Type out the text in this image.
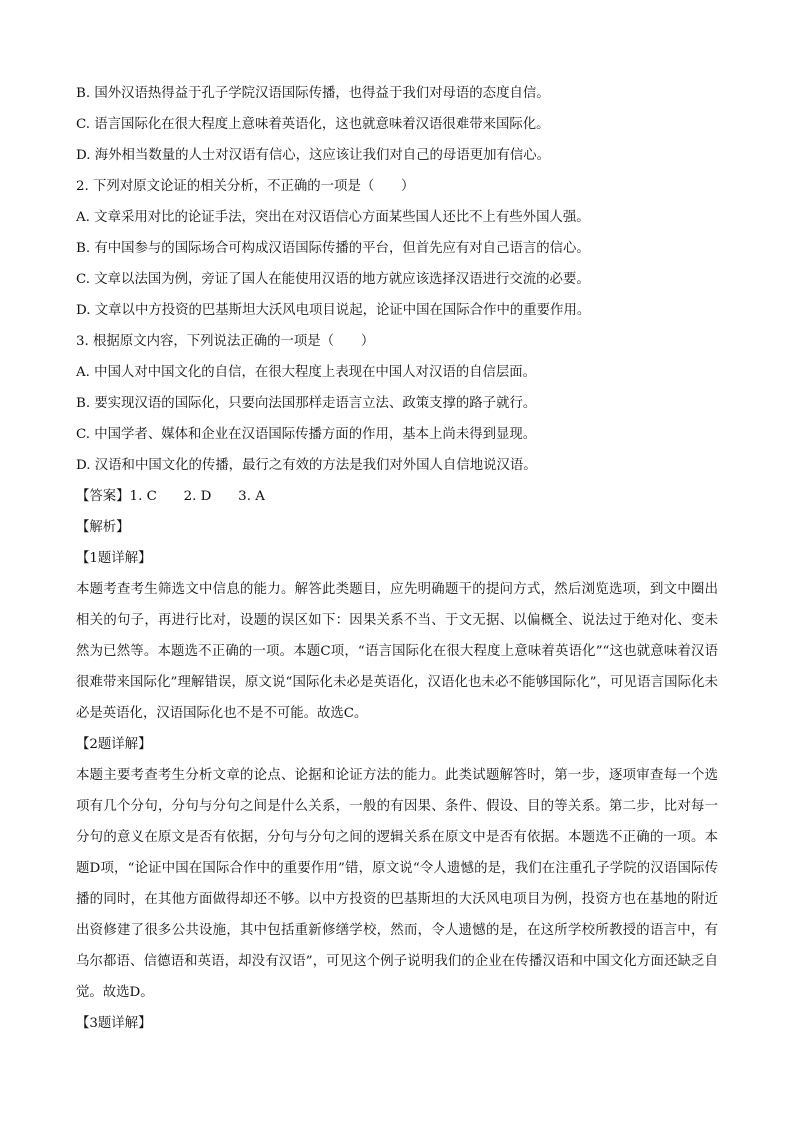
B. 国外汉语热得益于孔子学院汉语国际传播，也得益于我们对母语的态度自信。
C. 语言国际化在很大程度上意味着英语化，这也就意味着汉语很难带来国际化。
D. 海外相当数量的人士对汉语有信心，这应该让我们对自己的母语更加有信心。
2. 下列对原文论证的相关分析，不正确的一项是（　　）
A. 文章采用对比的论证手法，突出在对汉语信心方面某些国人还比不上有些外国人强。
B. 有中国参与的国际场合可构成汉语国际传播的平台，但首先应有对自己语言的信心。
C. 文章以法国为例，旁证了国人在能使用汉语的地方就应该选择汉语进行交流的必要。
D. 文章以中方投资的巴基斯坦大沃风电项目说起，论证中国在国际合作中的重要作用。
3. 根据原文内容，下列说法正确的一项是（　　）
A. 中国人对中国文化的自信，在很大程度上表现在中国人对汉语的自信层面。
B. 要实现汉语的国际化，只要向法国那样走语言立法、政策支撑的路子就行。
C. 中国学者、媒体和企业在汉语国际传播方面的作用，基本上尚未得到显现。
D. 汉语和中国文化的传播，最行之有效的方法是我们对外国人自信地说汉语。
【答案】1. C　　2. D　　3. A
【解析】
【1题详解】
本题考查考生筛选文中信息的能力。解答此类题目，应先明确题干的提问方式，然后浏览选项，到文中圈出相关的句子，再进行比对，设题的误区如下：因果关系不当、于文无据、以偏概全、说法过于绝对化、变未然为已然等。本题选不正确的一项。本题C项，“语言国际化在很大程度上意味着英语化”“这也就意味着汉语很难带来国际化”理解错误，原文说“国际化未必是英语化，汉语化也未必不能够国际化”，可见语言国际化未必是英语化，汉语国际化也不是不可能。故选C。
【2题详解】
本题主要考查考生分析文章的论点、论据和论证方法的能力。此类试题解答时，第一步，逐项审查每一个选项有几个分句，分句与分句之间是什么关系，一般的有因果、条件、假设、目的等关系。第二步，比对每一分句的意义在原文是否有依据，分句与分句之间的逻辑关系在原文中是否有依据。本题选不正确的一项。本题D项，“论证中国在国际合作中的重要作用”错，原文说“令人遗憾的是，我们在注重孔子学院的汉语国际传播的同时，在其他方面做得却还不够。以中方投资的巴基斯坦的大沃风电项目为例，投资方也在基地的附近出资修建了很多公共设施，其中包括重新修缮学校，然而，令人遗憾的是，在这所学校所教授的语言中，有乌尔都语、信德语和英语，却没有汉语”，可见这个例子说明我们的企业在传播汉语和中国文化方面还缺乏自觉。故选D。
【3题详解】
